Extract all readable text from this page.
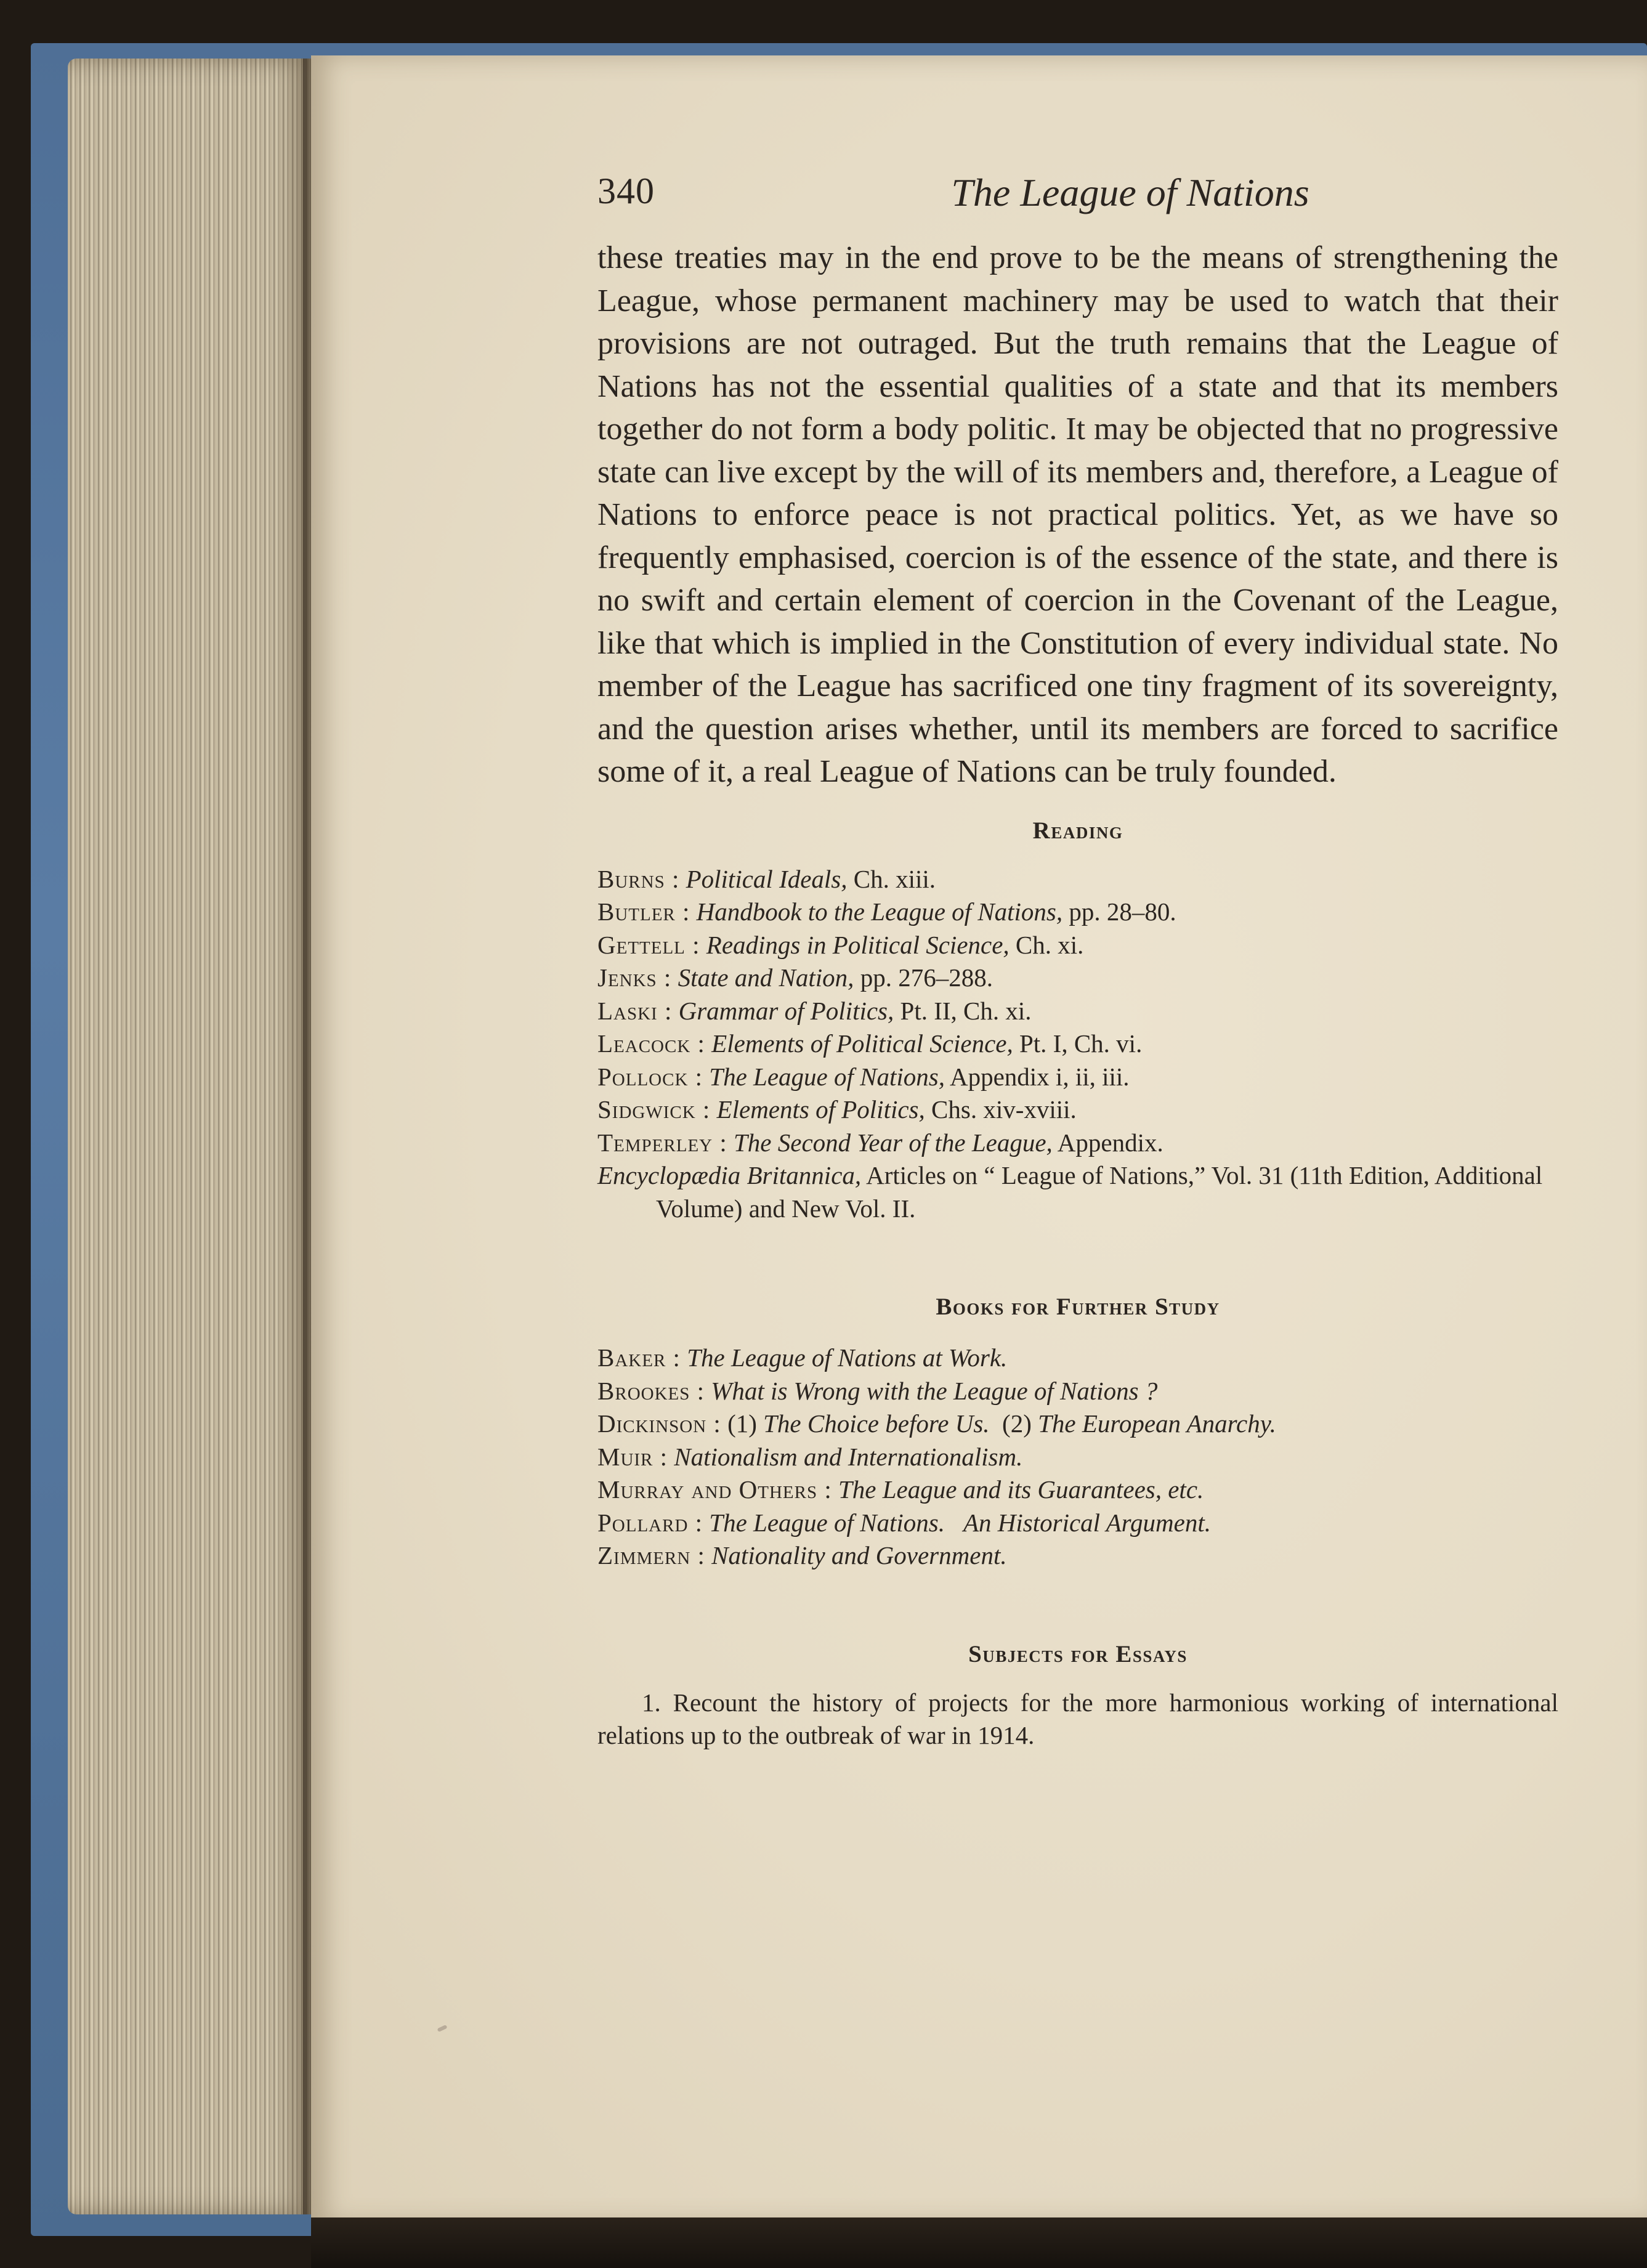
340	The League of Nations

these treaties may in the end prove to be the means of strengthening the League, whose permanent machinery may be used to watch that their provisions are not outraged. But the truth remains that the League of Nations has not the essential qualities of a state and that its members together do not form a body politic. It may be objected that no progressive state can live except by the will of its members and, therefore, a League of Nations to enforce peace is not practical politics. Yet, as we have so frequently emphasised, coercion is of the essence of the state, and there is no swift and certain element of coercion in the Covenant of the League, like that which is implied in the Constitution of every individual state. No member of the League has sacrificed one tiny fragment of its sovereignty, and the question arises whether, until its members are forced to sacrifice some of it, a real League of Nations can be truly founded.

Reading
Burns : Political Ideals, Ch. xiii.
Butler : Handbook to the League of Nations, pp. 28–80.
Gettell : Readings in Political Science, Ch. xi.
Jenks : State and Nation, pp. 276–288.
Laski : Grammar of Politics, Pt. II, Ch. xi.
Leacock : Elements of Political Science, Pt. I, Ch. vi.
Pollock : The League of Nations, Appendix i, ii, iii.
Sidgwick : Elements of Politics, Chs. xiv-xviii.
Temperley : The Second Year of the League, Appendix.
Encyclopædia Britannica, Articles on “ League of Nations,” Vol. 31 (11th Edition, Additional Volume) and New Vol. II.
Books for Further Study
Baker : The League of Nations at Work.
Brookes : What is Wrong with the League of Nations ?
Dickinson : (1) The Choice before Us. (2) The European Anarchy.
Muir : Nationalism and Internationalism.
Murray and Others : The League and its Guarantees, etc.
Pollard : The League of Nations.   An Historical Argument.
Zimmern : Nationality and Government.
Subjects for Essays

1. Recount the history of projects for the more harmonious working of international relations up to the outbreak of war in 1914.
